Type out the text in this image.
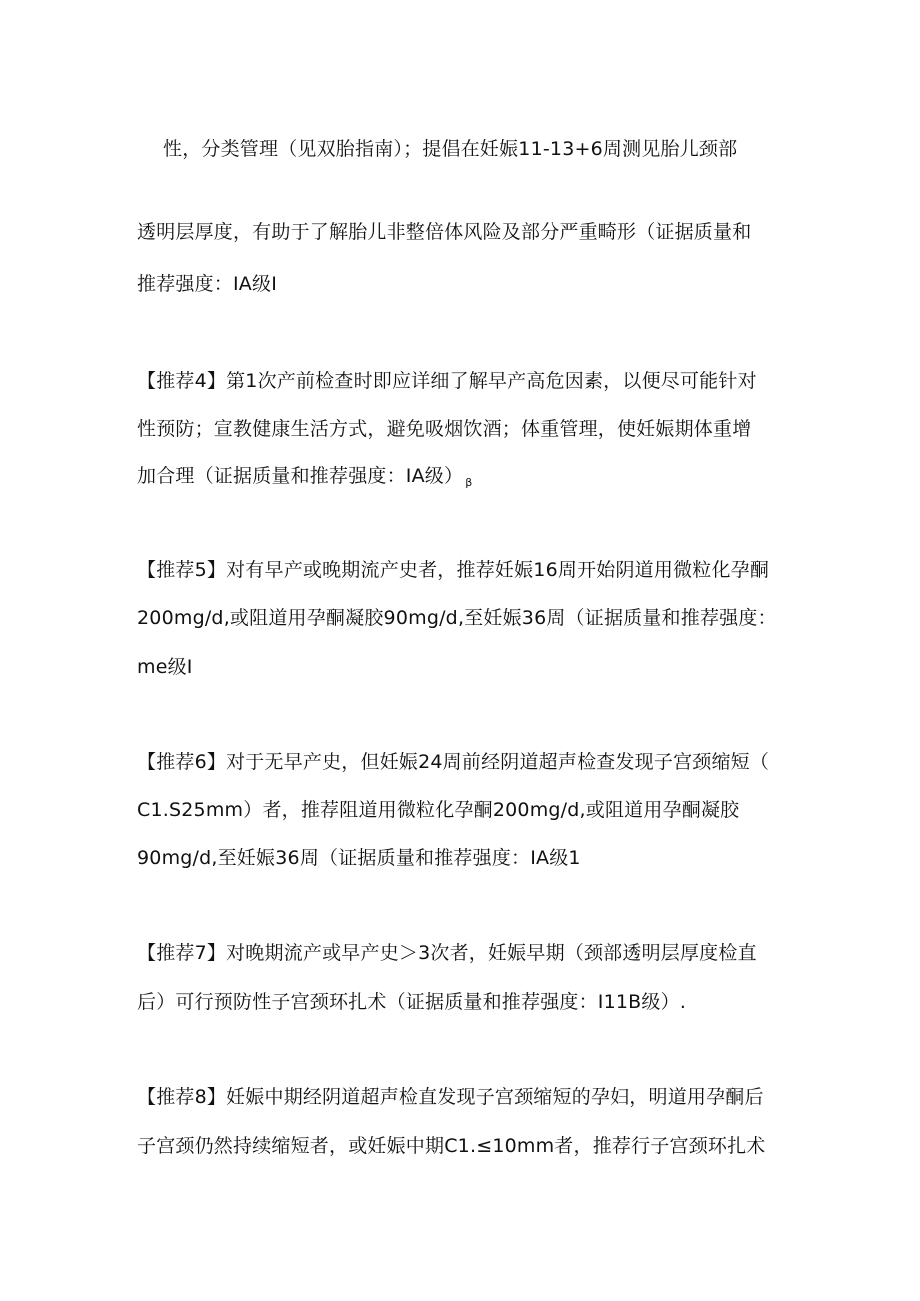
性，分类管理（见双胎指南）；提倡在妊娠11-13+6周测见胎儿颈部
透明层厚度，有助于了解胎儿非整倍体风险及部分严重畸形（证据质量和
推荐强度：IA级I
【推荐4】第1次产前检查时即应详细了解早产高危因素，以便尽可能针对
性预防；宣教健康生活方式，避免吸烟饮酒；体重管理，使妊娠期体重增
加合理（证据质量和推荐强度：IA级） $_\beta$
【推荐5】对有早产或晚期流产史者，推荐妊娠16周开始阴道用微粒化孕酮
200mg/d,或阻道用孕酮凝胶90mg/d,至妊娠36周（证据质量和推荐强度：
me级I
【推荐6】对于无早产史，但妊娠24周前经阴道超声检查发现子宫颈缩短（
C1.S25mm）者，推荐阻道用微粒化孕酮200mg/d,或阻道用孕酮凝胶
90mg/d,至妊娠36周（证据质量和推荐强度：IA级1
【推荐7】对晚期流产或早产史＞3次者，妊娠早期（颈部透明层厚度检直
后）可行预防性子宫颈环扎术（证据质量和推荐强度：I11B级）.
【推荐8】妊娠中期经阴道超声检直发现子宫颈缩短的孕妇，明道用孕酮后
子宫颈仍然持续缩短者，或妊娠中期C1.≤10mm者，推荐行子宫颈环扎术
